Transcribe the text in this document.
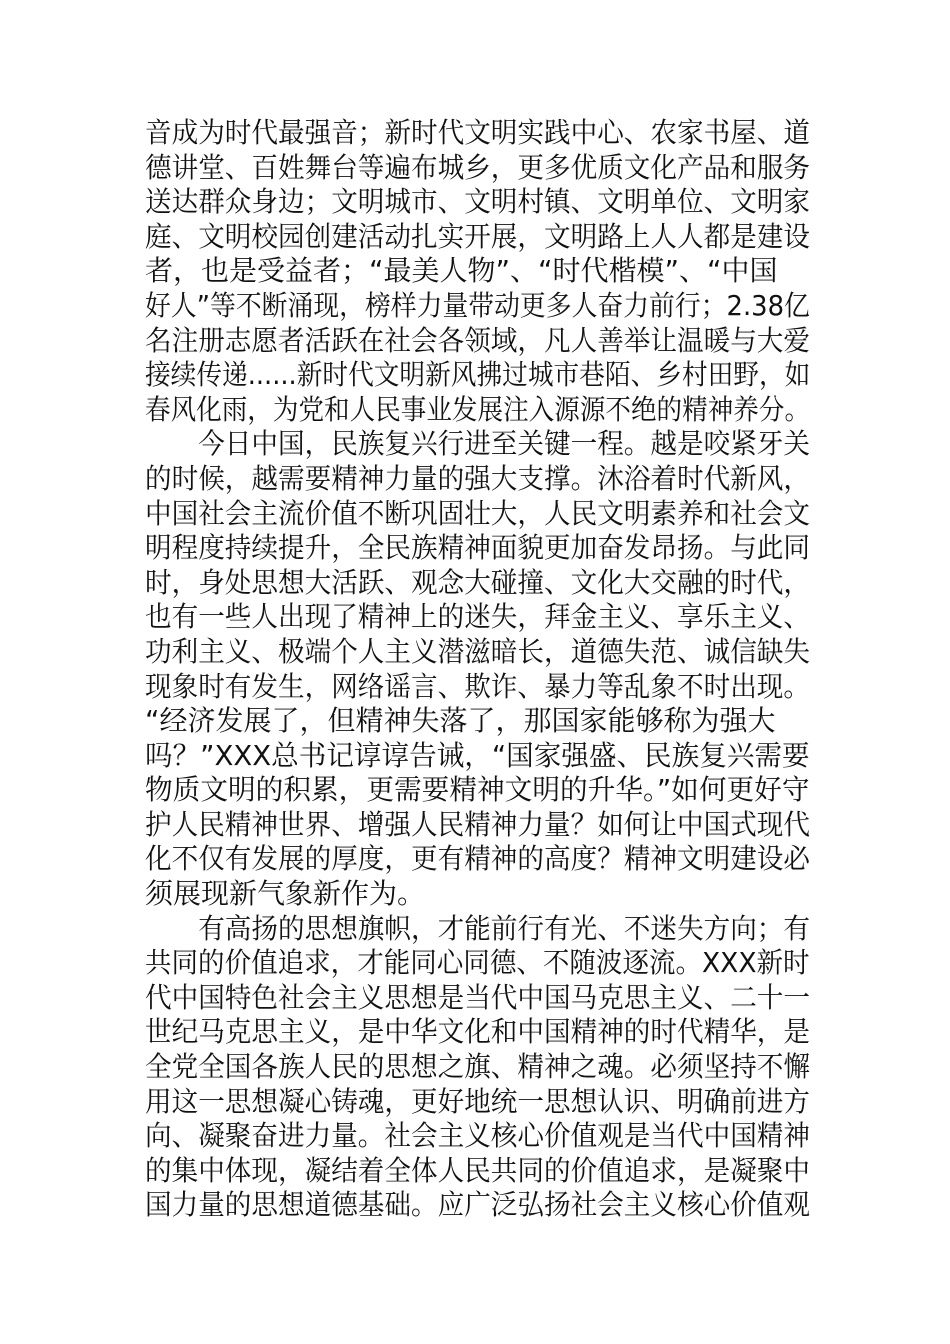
音成为时代最强音；新时代文明实践中心、农家书屋、道
德讲堂、百姓舞台等遍布城乡，更多优质文化产品和服务
送达群众身边；文明城市、文明村镇、文明单位、文明家
庭、文明校园创建活动扎实开展，文明路上人人都是建设
者，也是受益者；“最美人物”、“时代楷模”、“中国
好人”等不断涌现，榜样力量带动更多人奋力前行；2.38亿
名注册志愿者活跃在社会各领域，凡人善举让温暖与大爱
接续传递......新时代文明新风拂过城市巷陌、乡村田野，如
春风化雨，为党和人民事业发展注入源源不绝的精神养分。
　　今日中国，民族复兴行进至关键一程。越是咬紧牙关
的时候，越需要精神力量的强大支撑。沐浴着时代新风，
中国社会主流价值不断巩固壮大，人民文明素养和社会文
明程度持续提升，全民族精神面貌更加奋发昂扬。与此同
时，身处思想大活跃、观念大碰撞、文化大交融的时代，
也有一些人出现了精神上的迷失，拜金主义、享乐主义、
功利主义、极端个人主义潜滋暗长，道德失范、诚信缺失
现象时有发生，网络谣言、欺诈、暴力等乱象不时出现。
“经济发展了，但精神失落了，那国家能够称为强大
吗？”XXX总书记谆谆告诫，“国家强盛、民族复兴需要
物质文明的积累，更需要精神文明的升华。”如何更好守
护人民精神世界、增强人民精神力量？如何让中国式现代
化不仅有发展的厚度，更有精神的高度？精神文明建设必
须展现新气象新作为。
　　有高扬的思想旗帜，才能前行有光、不迷失方向；有
共同的价值追求，才能同心同德、不随波逐流。XXX新时
代中国特色社会主义思想是当代中国马克思主义、二十一
世纪马克思主义，是中华文化和中国精神的时代精华，是
全党全国各族人民的思想之旗、精神之魂。必须坚持不懈
用这一思想凝心铸魂，更好地统一思想认识、明确前进方
向、凝聚奋进力量。社会主义核心价值观是当代中国精神
的集中体现，凝结着全体人民共同的价值追求，是凝聚中
国力量的思想道德基础。应广泛弘扬社会主义核心价值观
